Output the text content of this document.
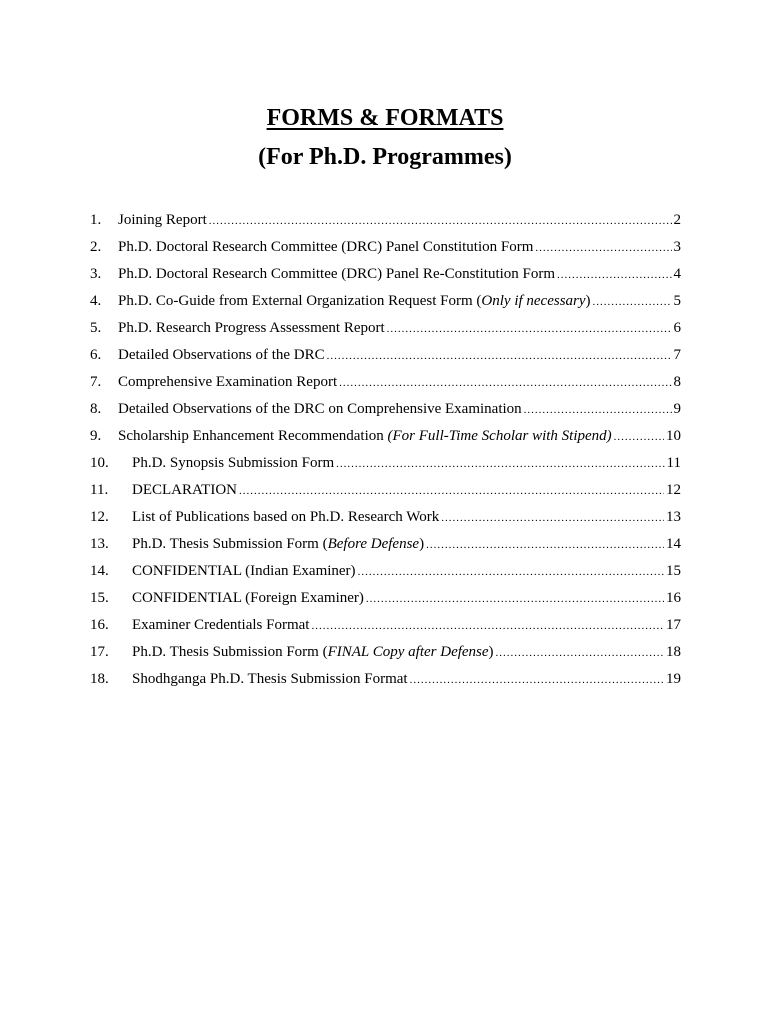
FORMS & FORMATS
(For Ph.D. Programmes)
1. Joining Report .....	2
2. Ph.D. Doctoral Research Committee (DRC) Panel Constitution Form .....	3
3. Ph.D. Doctoral Research Committee (DRC) Panel Re-Constitution Form .....	4
4. Ph.D. Co-Guide from External Organization Request Form (Only if necessary) .....	5
5. Ph.D. Research Progress Assessment Report .....	6
6. Detailed Observations of the DRC .....	7
7. Comprehensive Examination Report .....	8
8. Detailed Observations of the DRC on Comprehensive Examination .....	9
9. Scholarship Enhancement Recommendation (For Full-Time Scholar with Stipend) .....	10
10. Ph.D. Synopsis Submission Form .....	11
11. DECLARATION .....	12
12. List of Publications based on Ph.D. Research Work .....	13
13. Ph.D. Thesis Submission Form (Before Defense) .....	14
14. CONFIDENTIAL (Indian Examiner) .....	15
15. CONFIDENTIAL (Foreign Examiner) .....	16
16. Examiner Credentials Format .....	17
17. Ph.D. Thesis Submission Form (FINAL Copy after Defense) .....	18
18. Shodhganga Ph.D. Thesis Submission Format .....	19
